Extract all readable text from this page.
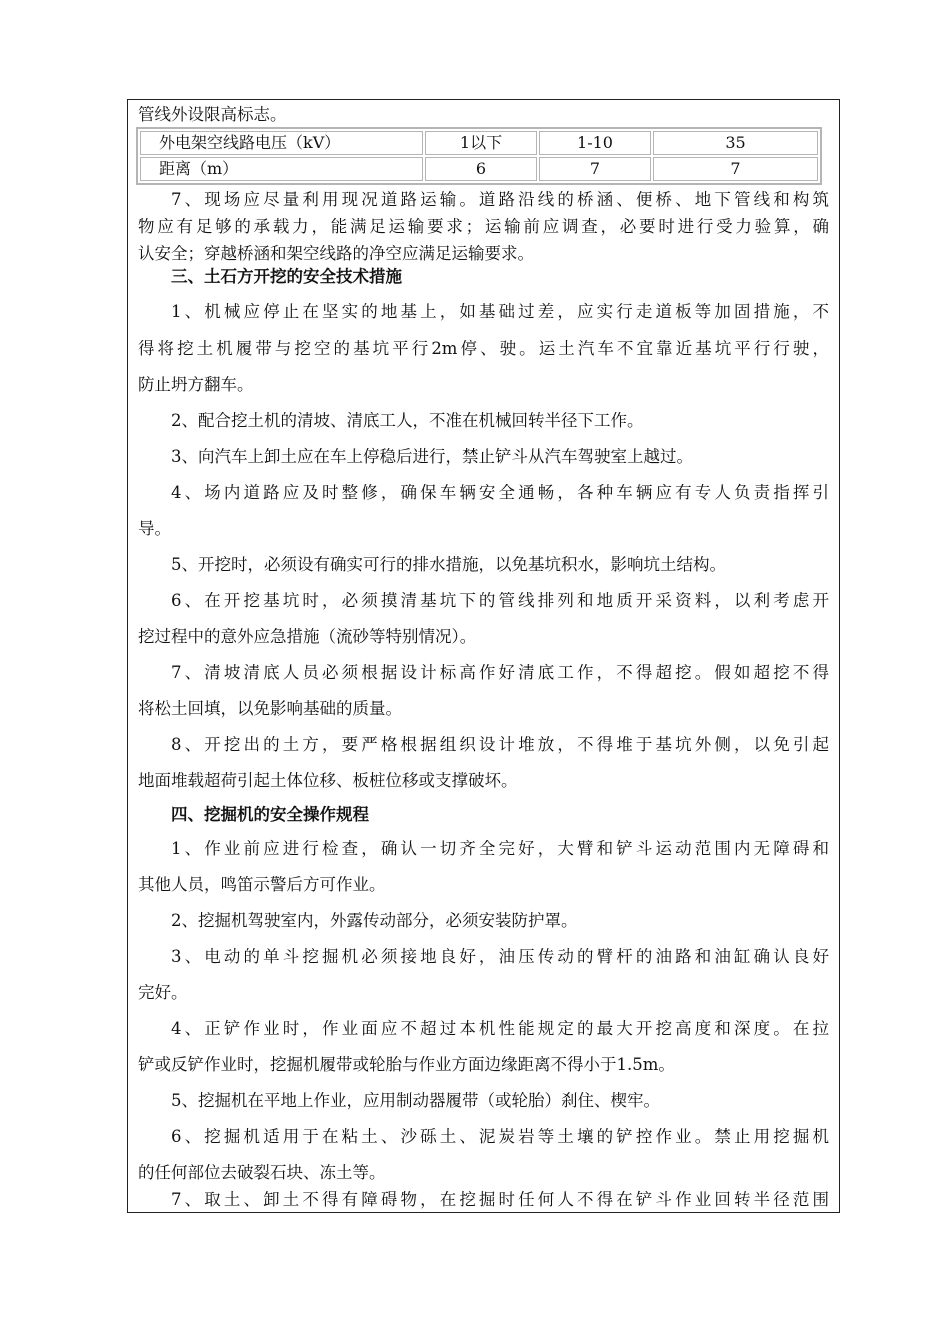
管线外设限高标志。
外电架空线路电压（kV）	1以下	1-10	35
距离（m）	6	7	7
7、现场应尽量利用现况道路运输。道路沿线的桥涵、便桥、地下管线和构筑
物应有足够的承载力，能满足运输要求；运输前应调查，必要时进行受力验算，确
认安全；穿越桥涵和架空线路的净空应满足运输要求。
三、土石方开挖的安全技术措施
1、机械应停止在坚实的地基上，如基础过差，应实行走道板等加固措施，不
得将挖土机履带与挖空的基坑平行2m停、驶。运土汽车不宜靠近基坑平行行驶，
防止坍方翻车。
2、配合挖土机的清坡、清底工人，不准在机械回转半径下工作。
3、向汽车上卸土应在车上停稳后进行，禁止铲斗从汽车驾驶室上越过。
4、场内道路应及时整修，确保车辆安全通畅，各种车辆应有专人负责指挥引
导。
5、开挖时，必须设有确实可行的排水措施，以免基坑积水，影响坑土结构。
6、在开挖基坑时，必须摸清基坑下的管线排列和地质开采资料，以利考虑开
挖过程中的意外应急措施（流砂等特别情况）。
7、清坡清底人员必须根据设计标高作好清底工作，不得超挖。假如超挖不得
将松土回填，以免影响基础的质量。
8、开挖出的土方，要严格根据组织设计堆放，不得堆于基坑外侧，以免引起
地面堆载超荷引起土体位移、板桩位移或支撑破坏。
四、挖掘机的安全操作规程
1、作业前应进行检查，确认一切齐全完好，大臂和铲斗运动范围内无障碍和
其他人员，鸣笛示警后方可作业。
2、挖掘机驾驶室内，外露传动部分，必须安装防护罩。
3、电动的单斗挖掘机必须接地良好，油压传动的臂杆的油路和油缸确认良好
完好。
4、正铲作业时，作业面应不超过本机性能规定的最大开挖高度和深度。在拉
铲或反铲作业时，挖掘机履带或轮胎与作业方面边缘距离不得小于1.5m。
5、挖掘机在平地上作业，应用制动器履带（或轮胎）刹住、楔牢。
6、挖掘机适用于在粘土、沙砾土、泥炭岩等土壤的铲控作业。禁止用挖掘机
的任何部位去破裂石块、冻土等。
7、取土、卸土不得有障碍物，在挖掘时任何人不得在铲斗作业回转半径范围
